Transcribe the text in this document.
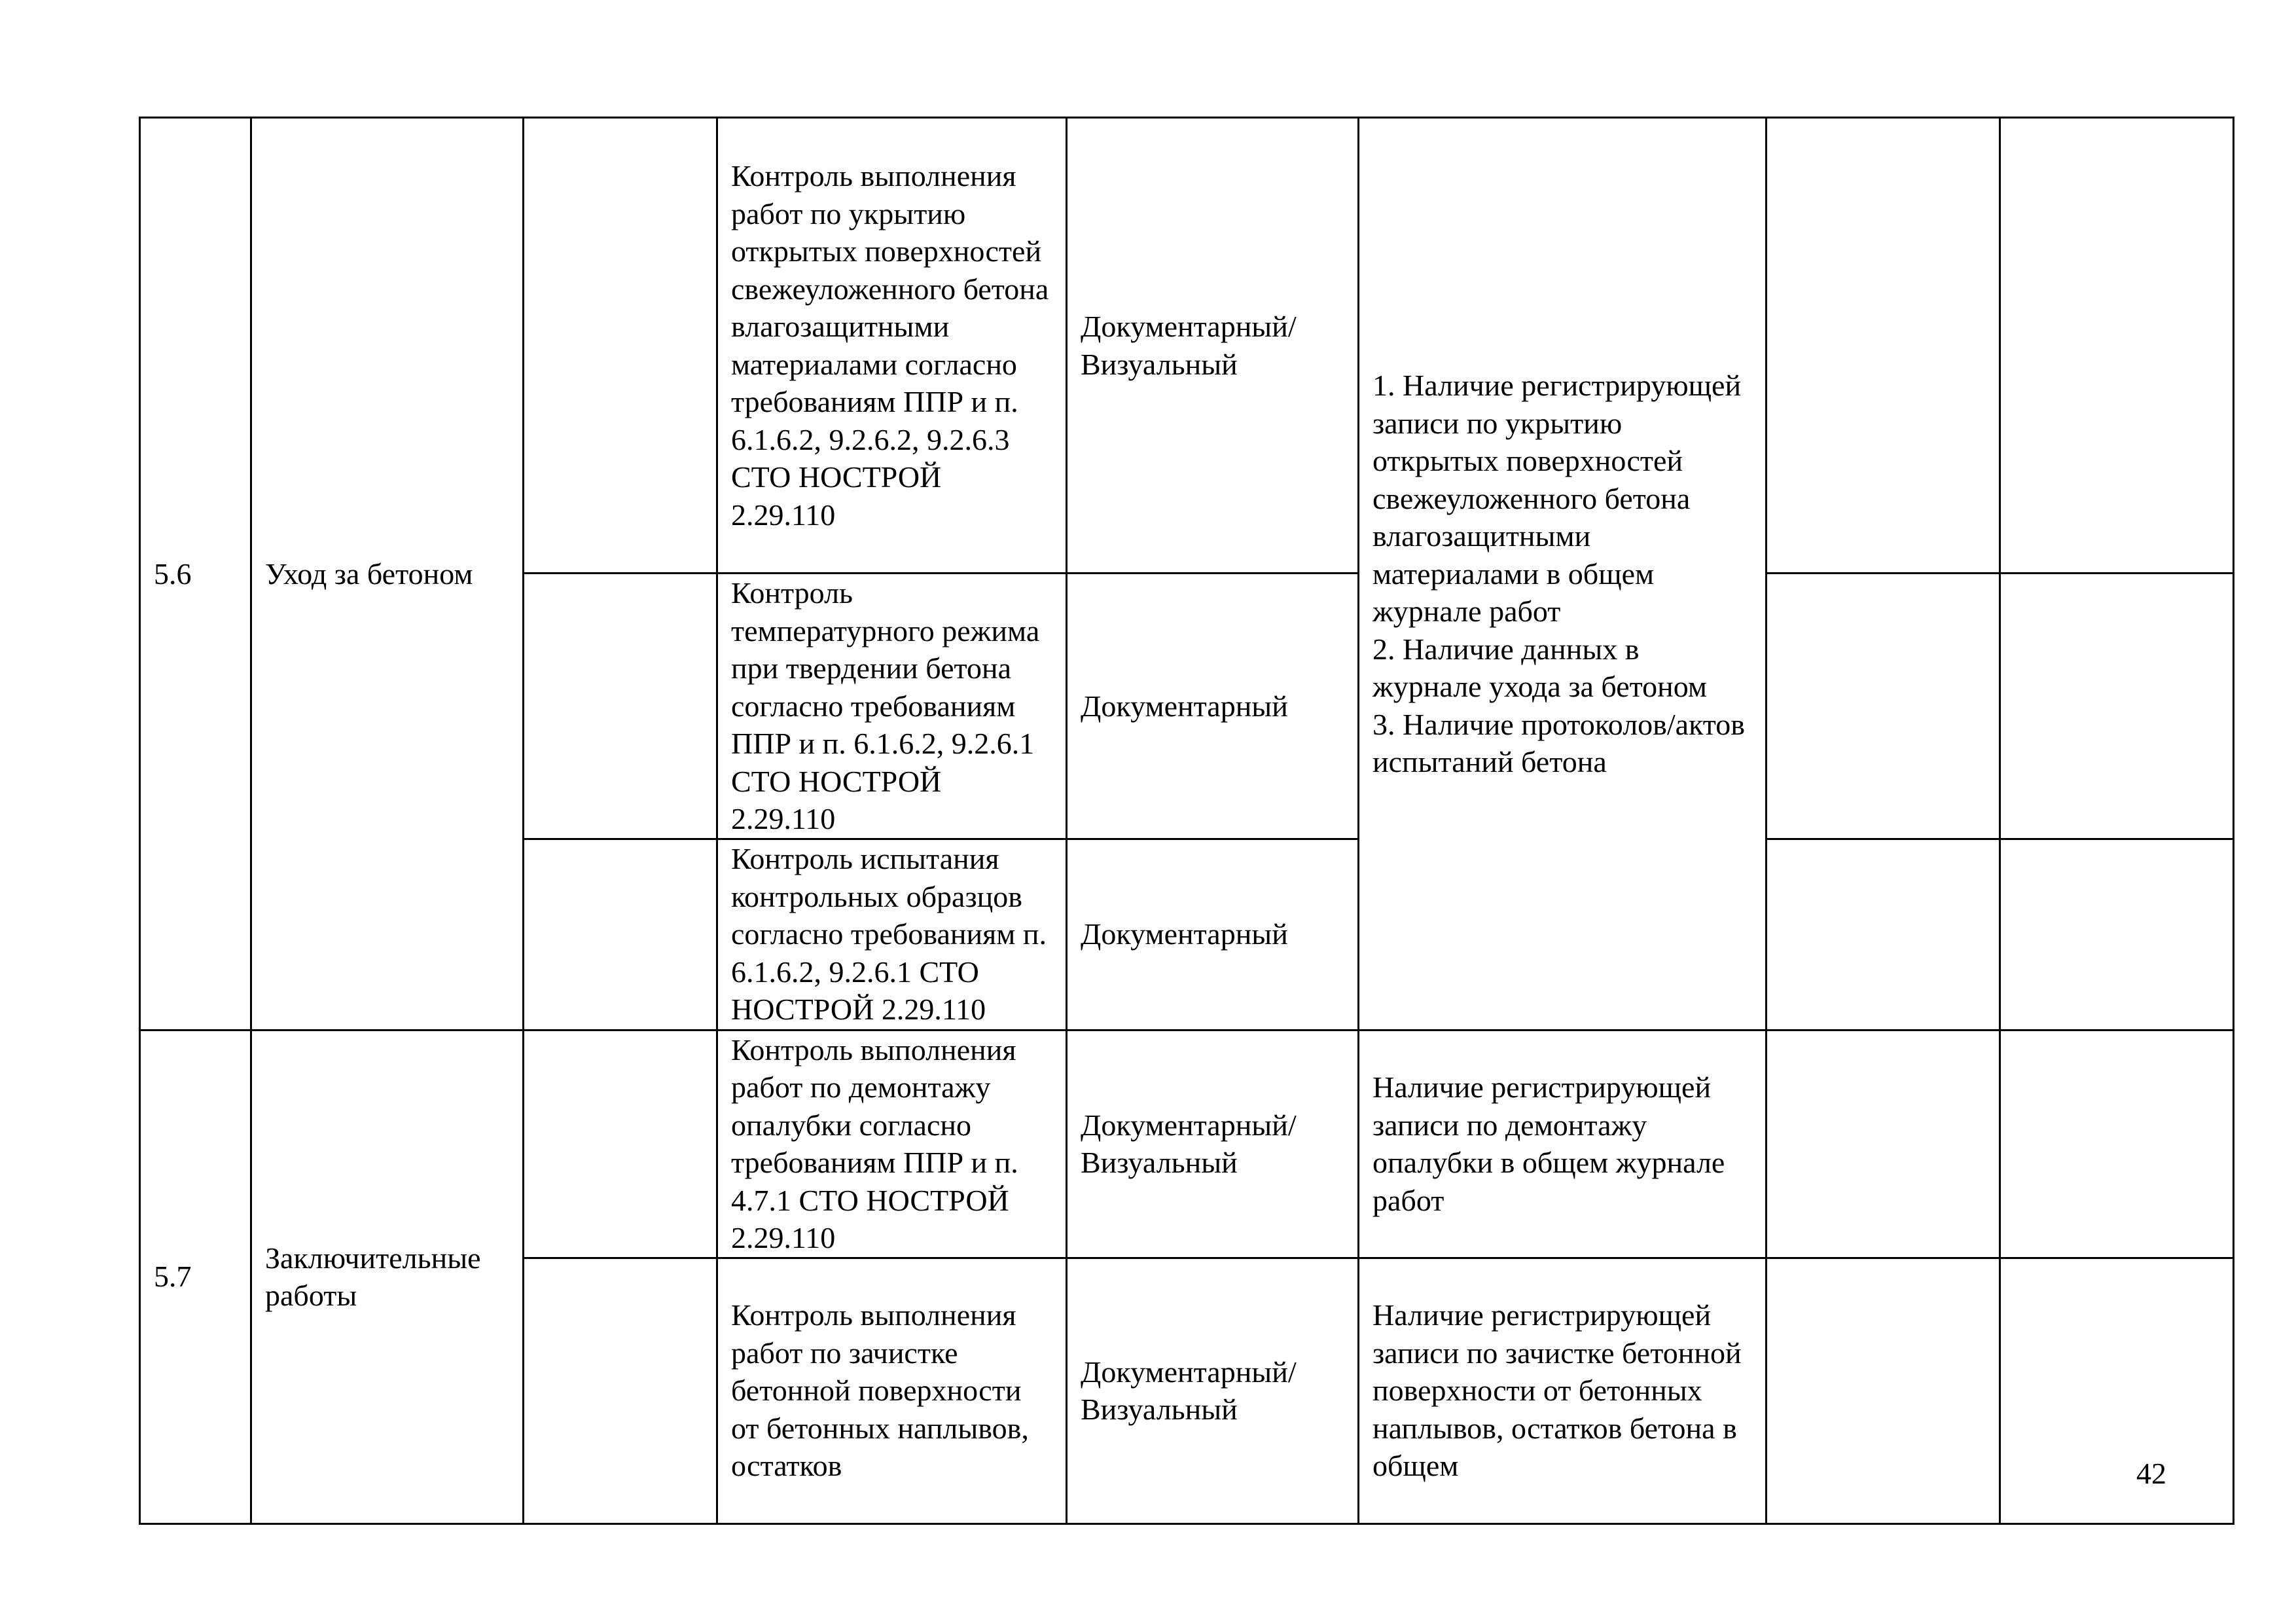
5.6	Уход за бетоном		Контроль выполнения работ по укрытию открытых поверхностей свежеуложенного бетона влагозащитными материалами согласно требованиям ППР и п. 6.1.6.2, 9.2.6.2, 9.2.6.3 СТО НОСТРОЙ 2.29.110	Документарный/ Визуальный	1. Наличие регистрирующей записи по укрытию открытых поверхностей свежеуложенного бетона влагозащитными материалами в общем журнале работ
2. Наличие данных в журнале ухода за бетоном
3. Наличие протоколов/актов испытаний бетона		
			Контроль температурного режима при твердении бетона согласно требованиям ППР и п. 6.1.6.2, 9.2.6.1 СТО НОСТРОЙ 2.29.110	Документарный			
			Контроль испытания контрольных образцов согласно требованиям п. 6.1.6.2, 9.2.6.1 СТО НОСТРОЙ 2.29.110	Документарный			
5.7	Заключительные работы		Контроль выполнения работ по демонтажу опалубки согласно требованиям ППР и п. 4.7.1 СТО НОСТРОЙ 2.29.110	Документарный/ Визуальный	Наличие регистрирующей записи по демонтажу опалубки в общем журнале работ		

			Контроль выполнения работ по зачистке бетонной поверхности от бетонных наплывов, остатков	Документарный/ Визуальный	Наличие регистрирующей записи по зачистке бетонной поверхности от бетонных наплывов, остатков бетона в общем		

			42
